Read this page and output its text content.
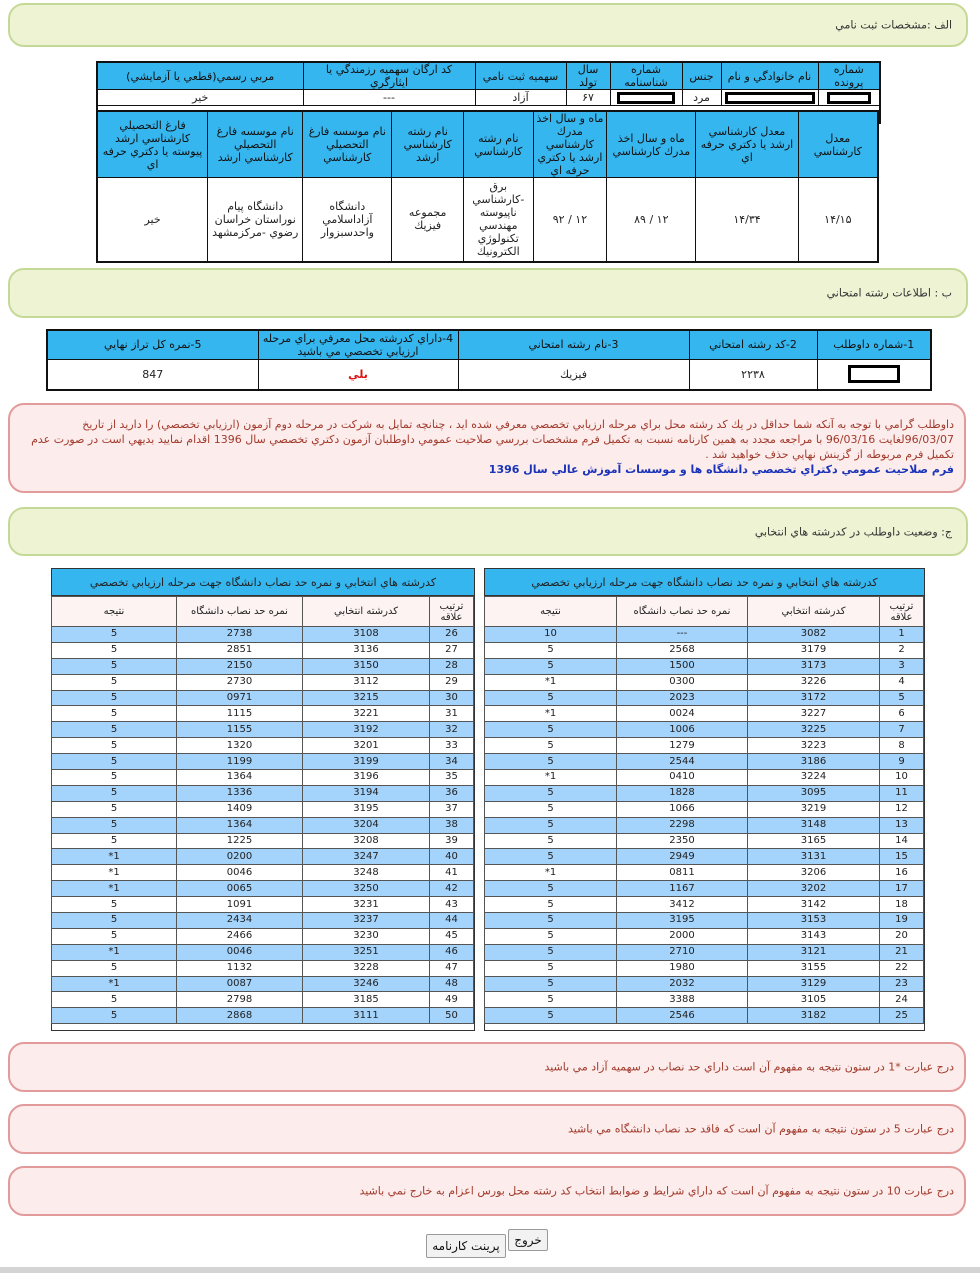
الف :مشخصات ثبت نامي
شماره پرونده	نام خانوادگي و نام	جنس	شماره شناسنامه	سال تولد	سهميه ثبت نامي	كد ارگان سهميه رزمندگي يا ايثارگري	مربي رسمي(قطعي يا آزمايشي)
		مرد		۶۷	آزاد	---	خير

معدل كارشناسي	معدل كارشناسي ارشد يا دكتري حرفه اي	ماه و سال اخذ مدرك كارشناسي	ماه و سال اخذ مدرك كارشناسي ارشد يا دكتري حرفه اي	نام رشته كارشناسي	نام رشته كارشناسي ارشد	نام موسسه فارغ التحصيلي كارشناسي	نام موسسه فارغ التحصيلي كارشناسي ارشد	فارغ التحصيلي كارشناسي ارشد پيوسته يا دكتري حرفه اي
۱۴/۱۵	۱۴/۳۴	۱۲ / ۸۹	۱۲ / ۹۲	برق -كارشناسي ناپيوسته مهندسي تكنولوژي الكترونيك	مجموعه فيزيك	دانشگاه آزاداسلامي واحدسبزوار	دانشگاه پيام نوراستان خراسان رضوي -مركزمشهد	خير
ب : اطلاعات رشته امتحاني
1-شماره داوطلب	2-كد رشته امتحاني	3-نام رشته امتحاني	4-داراي كدرشته محل معرفي براي مرحله ارزيابي تخصصي مي باشيد	5-نمره كل تراز نهايي
	۲۲۳۸	فيزيك	بلي	847
داوطلب گرامي با توجه به آنكه شما حداقل در يك كد رشته محل براي مرحله ارزيابي تخصصي معرفي شده ايد ، چنانچه تمايل به شركت در مرحله دوم آزمون (ارزيابي تخصصي) را داريد از تاريخ 96/03/07لغايت 96/03/16 با مراجعه مجدد به همين كارنامه نسبت به تكميل فرم مشخصات بررسي صلاحيت عمومي داوطلبان آزمون دكتري تخصصي سال 1396 اقدام نماييد بديهي است در صورت عدم تكميل فرم مربوطه از گزينش نهايي حذف خواهيد شد .
فرم صلاحيت عمومي دكتراي تخصصي دانشگاه ها و موسسات آموزش عالي سال 1396
ج: وضعيت داوطلب در كدرشته هاي انتخابي
كدرشته هاي انتخابي و نمره حد نصاب دانشگاه جهت مرحله ارزيابي تخصصي
ترتيب علاقه	كدرشته انتخابي	نمره حد نصاب دانشگاه	نتيجه
1	3082	---	10
2	3179	2568	5
3	3173	1500	5
4	3226	0300	1*
5	3172	2023	5
6	3227	0024	1*
7	3225	1006	5
8	3223	1279	5
9	3186	2544	5
10	3224	0410	1*
11	3095	1828	5
12	3219	1066	5
13	3148	2298	5
14	3165	2350	5
15	3131	2949	5
16	3206	0811	1*
17	3202	1167	5
18	3142	3412	5
19	3153	3195	5
20	3143	2000	5
21	3121	2710	5
22	3155	1980	5
23	3129	2032	5
24	3105	3388	5
25	3182	2546	5
كدرشته هاي انتخابي و نمره حد نصاب دانشگاه جهت مرحله ارزيابي تخصصي
ترتيب علاقه	كدرشته انتخابي	نمره حد نصاب دانشگاه	نتيجه
26	3108	2738	5
27	3136	2851	5
28	3150	2150	5
29	3112	2730	5
30	3215	0971	5
31	3221	1115	5
32	3192	1155	5
33	3201	1320	5
34	3199	1199	5
35	3196	1364	5
36	3194	1336	5
37	3195	1409	5
38	3204	1364	5
39	3208	1225	5
40	3247	0200	1*
41	3248	0046	1*
42	3250	0065	1*
43	3231	1091	5
44	3237	2434	5
45	3230	2466	5
46	3251	0046	1*
47	3228	1132	5
48	3246	0087	1*
49	3185	2798	5
50	3111	2868	5
درج عبارت *1 در ستون نتيجه به مفهوم آن است داراي حد نصاب در سهميه آزاد مي باشيد
درج عبارت 5 در ستون نتيجه به مفهوم آن است كه فاقد حد نصاب دانشگاه مي باشيد
درج عبارت 10 در ستون نتيجه به مفهوم آن است كه داراي شرايط و ضوابط انتخاب كد رشته محل بورس اعزام به خارج نمي باشيد
خروج
پرينت كارنامه
